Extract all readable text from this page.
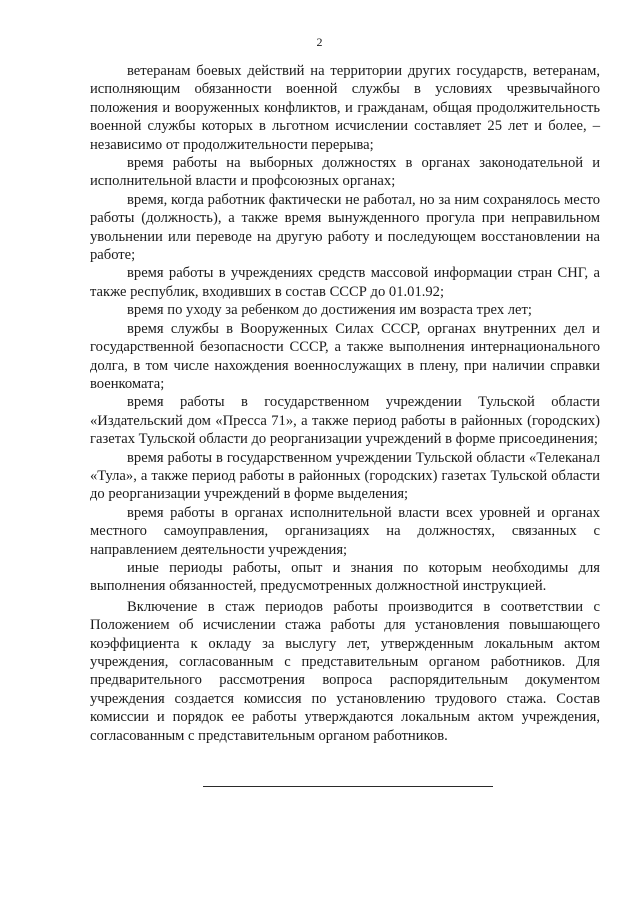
2

ветеранам боевых действий на территории других государств, ветеранам, исполняющим обязанности военной службы в условиях чрезвычайного положения и вооруженных конфликтов, и гражданам, общая продолжительность военной службы которых в льготном исчислении составляет 25 лет и более, – независимо от продолжительности перерыва;

время работы на выборных должностях в органах законодательной и исполнительной власти и профсоюзных органах;

время, когда работник фактически не работал, но за ним сохранялось место работы (должность), а также время вынужденного прогула при неправильном увольнении или переводе на другую работу и последующем восстановлении на работе;

время работы в учреждениях средств массовой информации стран СНГ, а также республик, входивших в состав СССР до 01.01.92;

время по уходу за ребенком до достижения им возраста трех лет;

время службы в Вооруженных Силах СССР, органах внутренних дел и государственной безопасности СССР, а также выполнения интернационального долга, в том числе нахождения военнослужащих в плену, при наличии справки военкомата;

время работы в государственном учреждении Тульской области «Издательский дом «Пресса 71», а также период работы в районных (городских) газетах Тульской области до реорганизации учреждений в форме присоединения;

время работы в государственном учреждении Тульской области «Телеканал «Тула», а также период работы в районных (городских) газетах Тульской области до реорганизации учреждений в форме выделения;

время работы в органах исполнительной власти всех уровней и органах местного самоуправления, организациях на должностях, связанных с направлением деятельности учреждения;

иные периоды работы, опыт и знания по которым необходимы для выполнения обязанностей, предусмотренных должностной инструкцией.

Включение в стаж периодов работы производится в соответствии с Положением об исчислении стажа работы для установления повышающего коэффициента к окладу за выслугу лет, утвержденным локальным актом учреждения, согласованным с представительным органом работников. Для предварительного рассмотрения вопроса распорядительным документом учреждения создается комиссия по установлению трудового стажа. Состав комиссии и порядок ее работы утверждаются локальным актом учреждения, согласованным с представительным органом работников.
